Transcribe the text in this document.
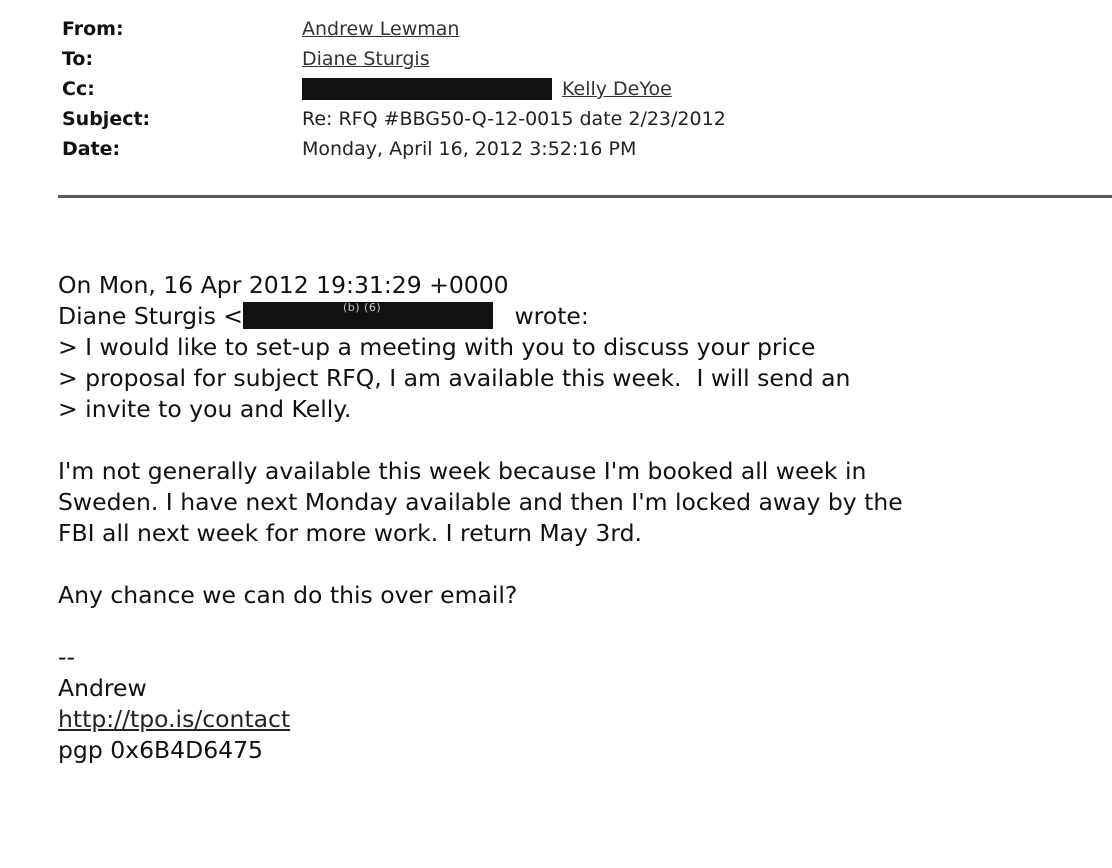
From:	Andrew Lewman
To:	Diane Sturgis
Cc:	Kelly DeYoe
Subject:	Re: RFQ #BBG50-Q-12-0015 date 2/23/2012
Date:	Monday, April 16, 2012 3:52:16 PM
On Mon, 16 Apr 2012 19:31:29 +0000
Diane Sturgis <	(b) (6)	wrote:
> I would like to set-up a meeting with you to discuss your price
> proposal for subject RFQ, I am available this week.  I will send an
> invite to you and Kelly.
I'm not generally available this week because I'm booked all week in
Sweden. I have next Monday available and then I'm locked away by the
FBI all next week for more work. I return May 3rd.
Any chance we can do this over email?
--
Andrew
http://tpo.is/contact
pgp 0x6B4D6475
